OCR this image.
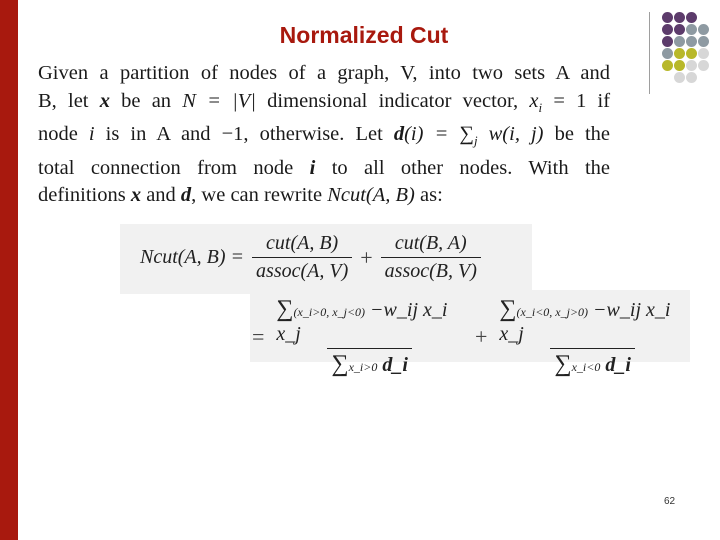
Normalized Cut
Given a partition of nodes of a graph, V, into two sets A and
B, let x be an N = |V| dimensional indicator vector, $x_i = 1$ if
node i is in A and −1, otherwise. Let $d(i) = \sum_j$ w(i, j) be the
total connection from node i to all other nodes. With the
definitions x and d, we can rewrite Ncut(A, B) as:
Ncut(A, $B) = \frac{\text{cut(A, B)}}{\text{assoc(A, V)}} + \frac{\text{cut(B, A)}}{\text{assoc(B, V)}}$
= $\frac{\text{∑(x\_i>0, x\_j<0) −w\_ij x\_i x\_j}}{\sum x\_i>0 d\_i} + \frac{\text{∑(x\_i<0, x\_j>0) −w\_ij x\_i x\_j}}{\sum x\_i<0 d\_i}$
62
